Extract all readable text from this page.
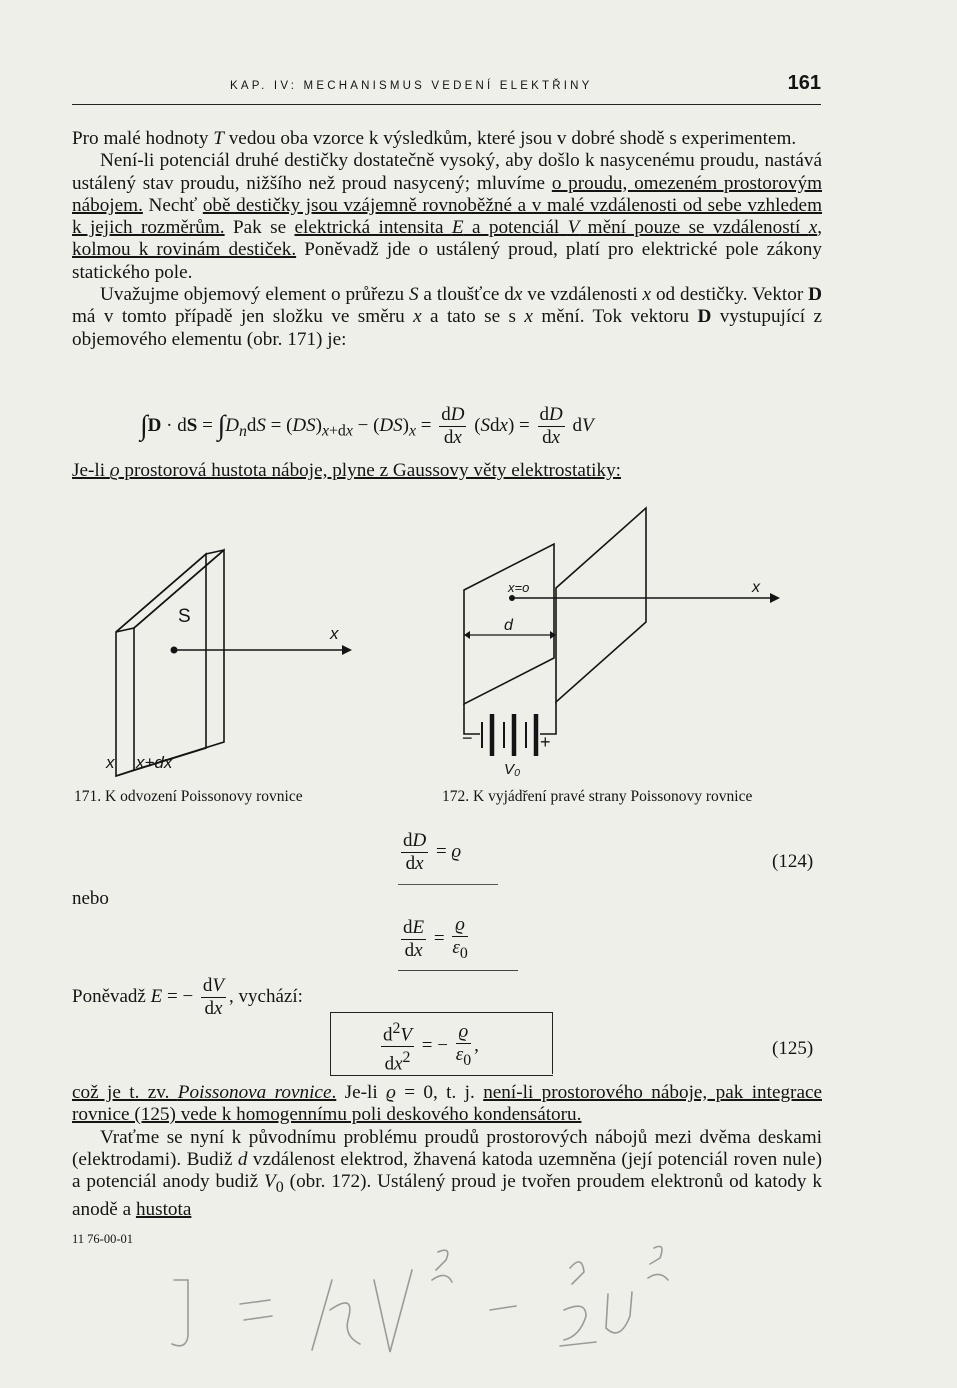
KAP. IV: MECHANISMUS VEDENÍ ELEKTŘINY	161

Pro malé hodnoty T vedou oba vzorce k výsledkům, které jsou v dobré shodě s experimentem.

Není-li potenciál druhé destičky dostatečně vysoký, aby došlo k nasycenému proudu, nastává ustálený stav proudu, nižšího než proud nasycený; mluvíme o proudu, omezeném prostorovým nábojem. Nechť obě destičky jsou vzájemně rovnoběžné a v malé vzdálenosti od sebe vzhledem k jejich rozměrům. Pak se elektrická intensita E a potenciál V mění pouze se vzdáleností x, kolmou k rovinám destiček. Poněvadž jde o ustálený proud, platí pro elektrické pole zákony statického pole.

Uvažujme objemový element o průřezu S a tloušťce dx ve vzdálenosti x od destičky. Vektor D má v tomto případě jen složku ve směru x a tato se s x mění. Tok vektoru D vystupující z objemového elementu (obr. 171) je:

∫D · dS = $\int D_ndS = (DS)_{x+dx} - (DS)_x = \frac{dD}{dx} (Sdx) = \frac{dD}{dx}$ dV

Je-li ϱ prostorová hustota náboje, plyne z Gaussovy věty elektrostatiky:

S
x
x x+dx
x=o	x
d
−	+
V₀
171. K odvození Poissonovy rovnice	172. K vyjádření pravé strany Poissonovy rovnice
$\frac{dD}{dx} = ϱ$	(124)
nebo
$\frac{dE}{dx} = \frac{ϱ}{\varepsilon_0}$
Poněvadž E = − $\frac{dV}{dx}$ , vychází:
$\frac{d^2V}{dx^2}$ = − $\frac{ϱ}{\varepsilon_0}$ ,	(125)

což je t. zv. Poissonova rovnice. Je-li ϱ = 0, t. j. není-li prostorového náboje, pak integrace rovnice (125) vede k homogennímu poli deskového kondensátoru.

Vraťme se nyní k původnímu problému proudů prostorových nábojů mezi dvěma deskami (elektrodami). Budiž d vzdálenost elektrod, žhavená katoda uzemněna (její potenciál roven nule) a potenciál anody budiž $V_0$ (obr. 172). Ustálený proud je tvořen proudem elektronů od katody k anodě a hustota

11 76-00-01
